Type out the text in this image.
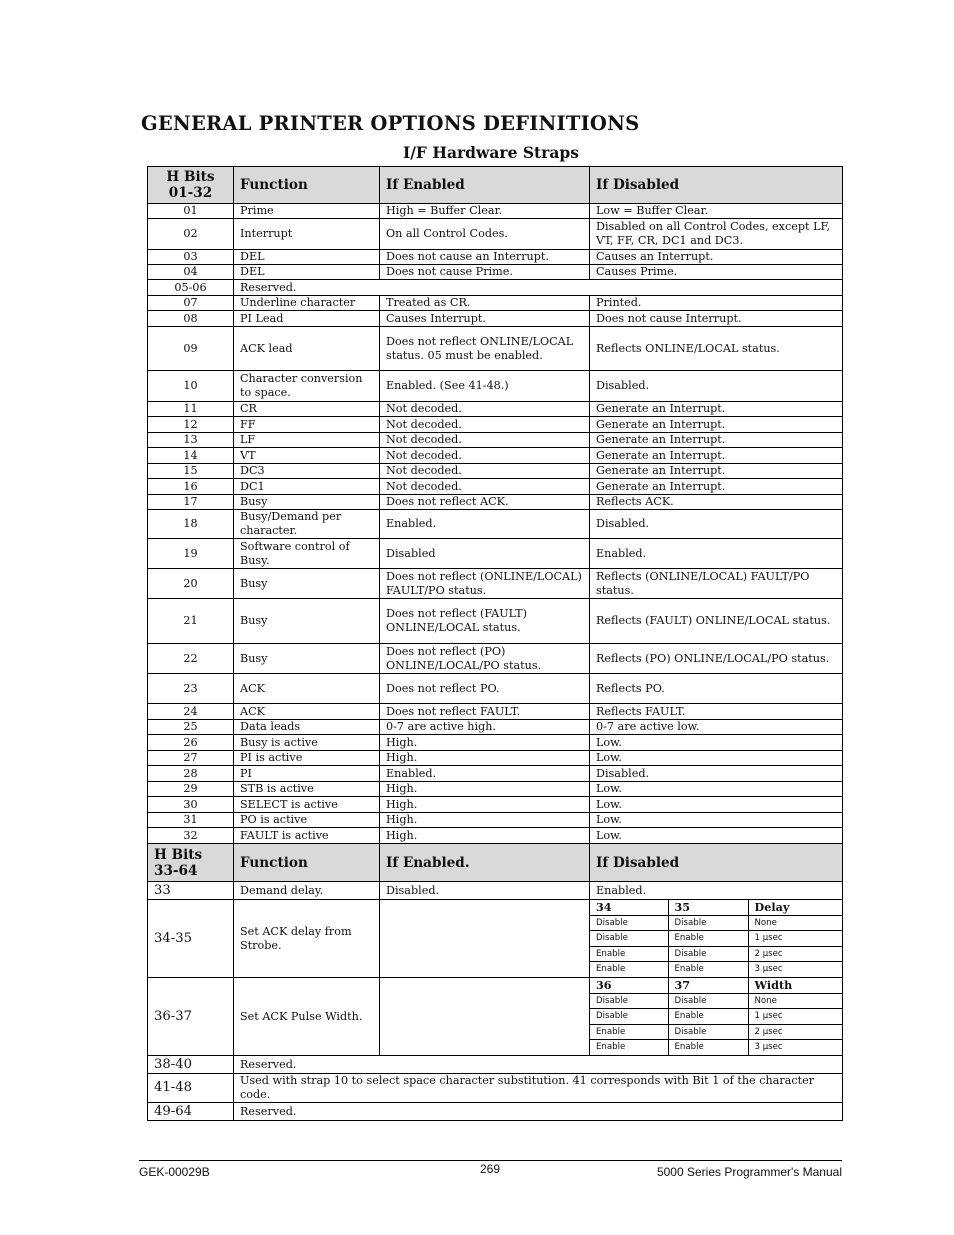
GENERAL PRINTER OPTIONS DEFINITIONS
I/F Hardware Straps
H Bits 01-32	Function	If Enabled	If Disabled
01	Prime	High = Buffer Clear.	Low = Buffer Clear.
02	Interrupt	On all Control Codes.	Disabled on all Control Codes, except LF, VT, FF, CR, DC1 and DC3.
03	DEL	Does not cause an Interrupt.	Causes an Interrupt.
04	DEL	Does not cause Prime.	Causes Prime.
05-06	Reserved.
07	Underline character	Treated as CR.	Printed.
08	PI Lead	Causes Interrupt.	Does not cause Interrupt.
09	ACK lead	Does not reflect ONLINE/LOCAL status. 05 must be enabled.	Reflects ONLINE/LOCAL status.
10	Character conversion to space.	Enabled. (See 41-48.)	Disabled.
11	CR	Not decoded.	Generate an Interrupt.
12	FF	Not decoded.	Generate an Interrupt.
13	LF	Not decoded.	Generate an Interrupt.
14	VT	Not decoded.	Generate an Interrupt.
15	DC3	Not decoded.	Generate an Interrupt.
16	DC1	Not decoded.	Generate an Interrupt.
17	Busy	Does not reflect ACK.	Reflects ACK.
18	Busy/Demand per character.	Enabled.	Disabled.
19	Software control of Busy.	Disabled	Enabled.
20	Busy	Does not reflect (ONLINE/LOCAL) FAULT/PO status.	Reflects (ONLINE/LOCAL) FAULT/PO status.
21	Busy	Does not reflect (FAULT) ONLINE/LOCAL status.	Reflects (FAULT) ONLINE/LOCAL status.
22	Busy	Does not reflect (PO) ONLINE/LOCAL/PO status.	Reflects (PO) ONLINE/LOCAL/PO status.
23	ACK	Does not reflect PO.	Reflects PO.
24	ACK	Does not reflect FAULT.	Reflects FAULT.
25	Data leads	0-7 are active high.	0-7 are active low.
26	Busy is active	High.	Low.
27	PI is active	High.	Low.
28	PI	Enabled.	Disabled.
29	STB is active	High.	Low.
30	SELECT is active	High.	Low.
31	PO is active	High.	Low.
32	FAULT is active	High.	Low.
H Bits 33-64	Function	If Enabled.	If Disabled
33	Demand delay.	Disabled.	Enabled.
34-35	Set ACK delay from Strobe.		
34	35	Delay
Disable	Disable	None
Disable	Enable	1 μsec
Enable	Disable	2 μsec
Enable	Enable	3 μsec

36-37	Set ACK Pulse Width.		
36	37	Width
Disable	Disable	None
Disable	Enable	1 μsec
Enable	Disable	2 μsec
Enable	Enable	3 μsec

38-40	Reserved.
41-48	Used with strap 10 to select space character substitution. 41 corresponds with Bit 1 of the character code.
49-64	Reserved.
GEK-00029B	269	5000 Series Programmer's Manual
